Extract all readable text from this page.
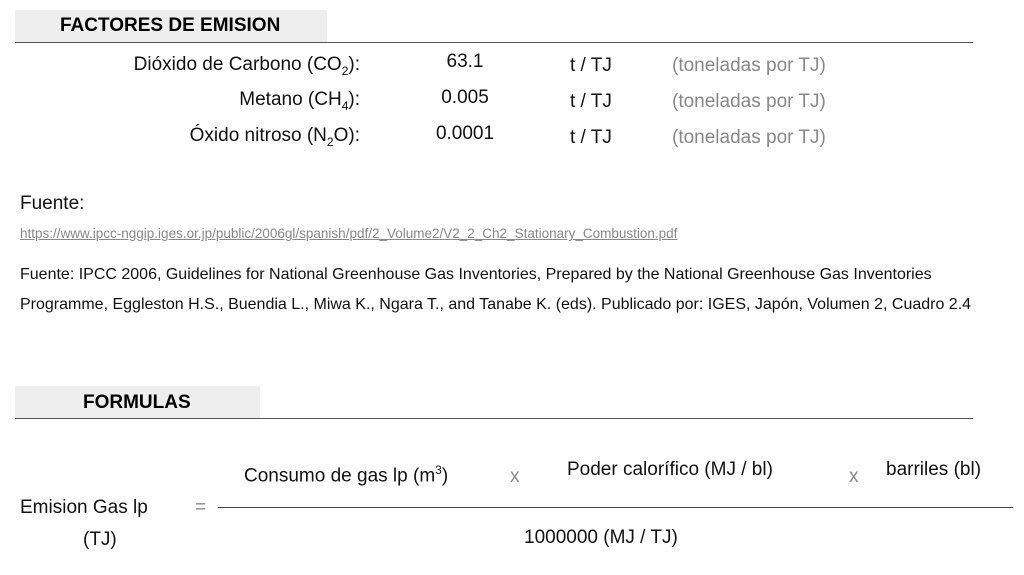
FACTORES DE EMISION
Dióxido de Carbono $(CO_2)$:	63.1	t / TJ	(toneladas por TJ)
Metano $(CH_4)$:	0.005	t / TJ	(toneladas por TJ)
Óxido nitroso $(N_2O)$:	0.0001	t / TJ	(toneladas por TJ)
Fuente:
https://www.ipcc-nggip.iges.or.jp/public/2006gl/spanish/pdf/2_Volume2/V2_2_Ch2_Stationary_Combustion.pdf
Fuente: IPCC 2006, Guidelines for National Greenhouse Gas Inventories, Prepared by the National Greenhouse Gas Inventories Programme, Eggleston H.S., Buendia L., Miwa K., Ngara T., and Tanabe K. (eds). Publicado por: IGES, Japón, Volumen 2, Cuadro 2.4
FORMULAS
Emision Gas lp
(TJ)
=
Consumo de gas lp $(m^3)$	x	Poder calorífico (MJ / bl)	x barriles (bl)
1000000 (MJ / TJ)
